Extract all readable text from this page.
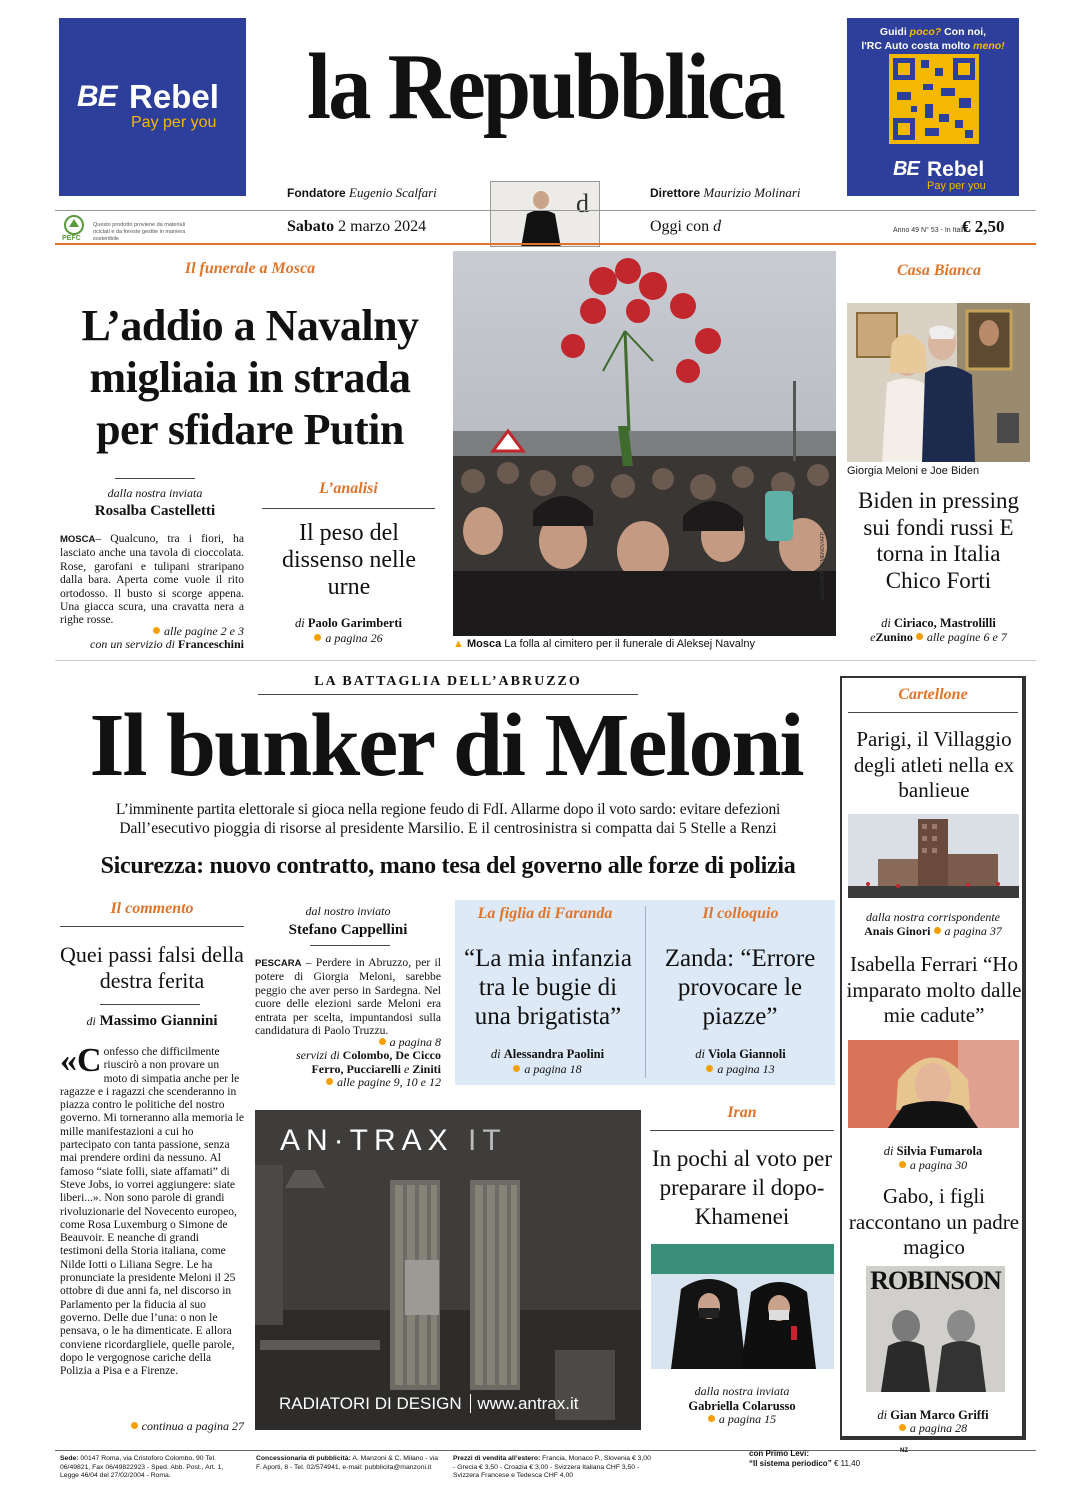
BE Rebel
Pay per you la Repubblica
Fondatore Eugenio Scalfari	Direttore Maurizio Molinari
d
Guidi poco? Con noi,
l'RC Auto costa molto meno!
BE Rebel
Pay per you
PEFC
Questo prodotto proviene da materiali riciclati e da foreste gestite in maniera sostenibile
Sabato 2 marzo 2024	Oggi con d	Anno 49 N° 53 - In Italia
€ 2,50
Il funerale a Mosca
L’addio a Navalny migliaia in strada per sfidare Putin
dalla nostra inviata
Rosalba Castelletti
MOSCA– Qualcuno, tra i fiori, ha lasciato anche una tavola di cioccolata. Rose, garofani e tulipani straripano dalla bara. Aperta come vuole il rito ortodosso. Il busto si scorge appena. Una giacca scura, una cravatta nera a righe rosse.
alle pagine 2 e 3
con un servizio di Franceschini
L’analisi
Il peso del dissenso nelle urne
di Paolo Garimberti
a pagina 26	▲ Mosca La folla al cimitero per il funerale di Aleksej Navalny
ALEKSANDR NEMENOV/AFP
Casa Bianca
Giorgia Meloni e Joe Biden
Biden in pressing sui fondi russi E torna in Italia Chico Forti
di Ciriaco, Mastrolilli
eZunino alle pagine 6 e 7
LA BATTAGLIA DELL’ABRUZZO
Il bunker di Meloni
L’imminente partita elettorale si gioca nella regione feudo di FdI. Allarme dopo il voto sardo: evitare defezioni
Dall’esecutivo pioggia di risorse al presidente Marsilio. E il centrosinistra si compatta dai 5 Stelle a Renzi
Sicurezza: nuovo contratto, mano tesa del governo alle forze di polizia
Il commento
Quei passi falsi della destra ferita
di Massimo Giannini
«Confesso che difficilmente riuscirò a non provare un moto di simpatia anche per le ragazze e i ragazzi che scenderanno in piazza contro le politiche del nostro governo. Mi torneranno alla memoria le mille manifestazioni a cui ho partecipato con tanta passione, senza mai prendere ordini da nessuno. Al famoso “siate folli, siate affamati” di Steve Jobs, io vorrei aggiungere: siate liberi...». Non sono parole di grandi rivoluzionarie del Novecento europeo, come Rosa Luxemburg o Simone de Beauvoir. E neanche di grandi testimoni della Storia italiana, come Nilde Iotti o Liliana Segre. Le ha pronunciate la presidente Meloni il 25 ottobre di due anni fa, nel discorso in Parlamento per la fiducia al suo governo. Delle due l’una: o non le pensava, o le ha dimenticate. E allora conviene ricordargliele, quelle parole, dopo le vergognose cariche della Polizia a Pisa e a Firenze.
continua a pagina 27
dal nostro inviato
Stefano Cappellini
PESCARA – Perdere in Abruzzo, per il potere di Giorgia Meloni, sarebbe peggio che aver perso in Sardegna. Nel cuore delle elezioni sarde Meloni era entrata per scelta, impuntandosi sulla candidatura di Paolo Truzzu.
a pagina 8
servizi di Colombo, De Cicco
Ferro, Pucciarelli e Ziniti
alle pagine 9, 10 e 12
La figlia di Faranda
“La mia infanzia tra le bugie di una brigatista”
di Alessandra Paolini
a pagina 18
Il colloquio
Zanda: “Errore provocare le piazze”
di Viola Giannoli
a pagina 13
AN·TRAX IT
RADIATORI DI DESIGN www.antrax.it
Iran
In pochi al voto per preparare il dopo-Khamenei
dalla nostra inviata
Gabriella Colarusso
a pagina 15
Cartellone
Parigi, il Villaggio degli atleti nella ex banlieue
dalla nostra corrispondente
Anais Ginori a pagina 37
Isabella Ferrari “Ho imparato molto dalle mie cadute”
di Silvia Fumarola
a pagina 30
Gabo, i figli raccontano un padre magico
ROBINSON
di Gian Marco Griffi
a pagina 28
Sede: 00147 Roma, via Cristoforo Colombo, 90 Tel. 06/49821, Fax 06/49822923 - Sped. Abb. Post., Art. 1, Legge 46/04 del 27/02/2004 - Roma.
Concessionaria di pubblicità: A. Manzoni & C. Milano - via F. Aporti, 8 - Tel. 02/574941, e-mail: pubblicita@manzoni.it
Prezzi di vendita all’estero: Francia, Monaco P., Slovenia € 3,00 - Grecia € 3,50 - Croazia € 3,00 - Svizzera Italiana CHF 3,50 - Svizzera Francese e Tedesca CHF 4,00
con Primo Levi:
“Il sistema periodico” € 11,40
NZ
